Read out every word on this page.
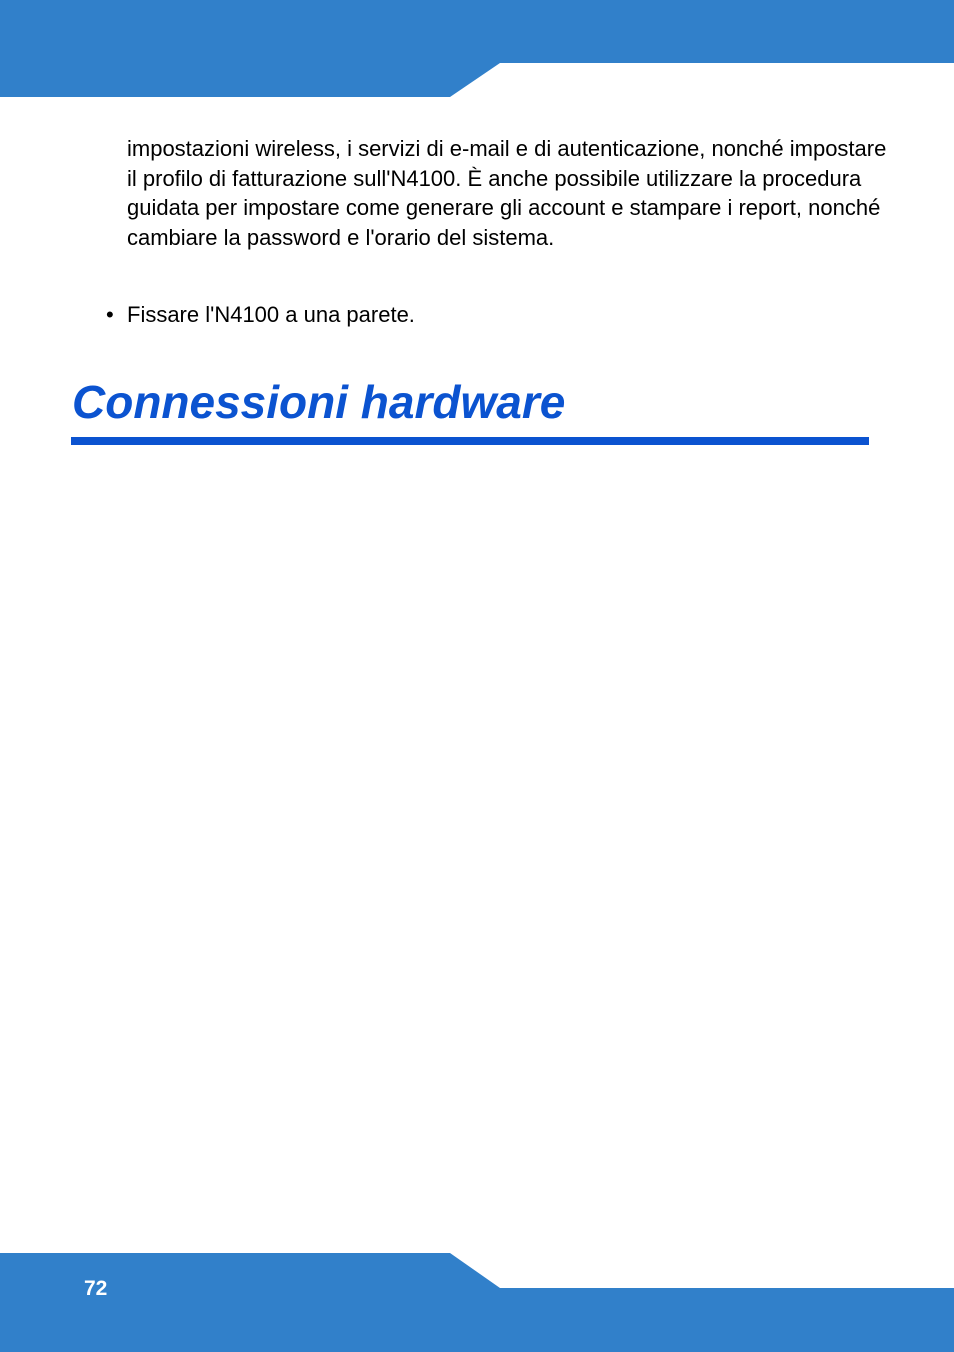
impostazioni wireless, i servizi di e-mail e di autenticazione, nonché impostare il profilo di fatturazione sull'N4100. È anche possibile utilizzare la procedura guidata per impostare come generare gli account e stampare i report, nonché cambiare la password e l'orario del sistema.

• Fissare l'N4100 a una parete.

Connessioni hardware
72
